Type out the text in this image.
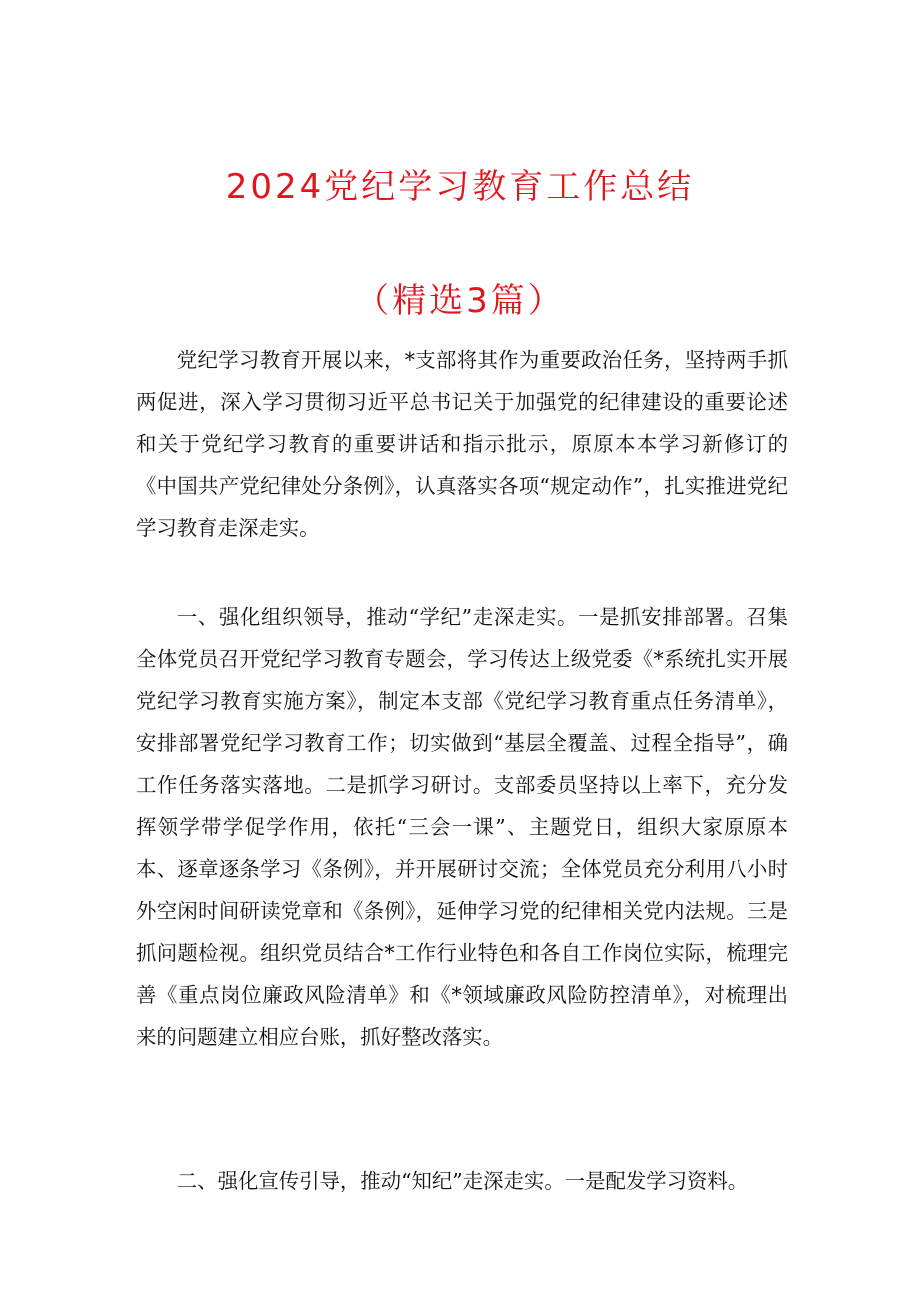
2024党纪学习教育工作总结
（精选3篇）

党纪学习教育开展以来，*支部将其作为重要政治任务，坚持两手抓两促进，深入学习贯彻习近平总书记关于加强党的纪律建设的重要论述和关于党纪学习教育的重要讲话和指示批示，原原本本学习新修订的《中国共产党纪律处分条例》，认真落实各项“规定动作”，扎实推进党纪学习教育走深走实。

一、强化组织领导，推动“学纪”走深走实。一是抓安排部署。召集全体党员召开党纪学习教育专题会，学习传达上级党委《*系统扎实开展党纪学习教育实施方案》，制定本支部《党纪学习教育重点任务清单》，安排部署党纪学习教育工作；切实做到“基层全覆盖、过程全指导”，确工作任务落实落地。二是抓学习研讨。支部委员坚持以上率下，充分发挥领学带学促学作用，依托“三会一课”、主题党日，组织大家原原本本、逐章逐条学习《条例》，并开展研讨交流；全体党员充分利用八小时外空闲时间研读党章和《条例》，延伸学习党的纪律相关党内法规。三是抓问题检视。组织党员结合*工作行业特色和各自工作岗位实际，梳理完善《重点岗位廉政风险清单》和《*领域廉政风险防控清单》，对梳理出来的问题建立相应台账，抓好整改落实。

二、强化宣传引导，推动“知纪”走深走实。一是配发学习资料。
